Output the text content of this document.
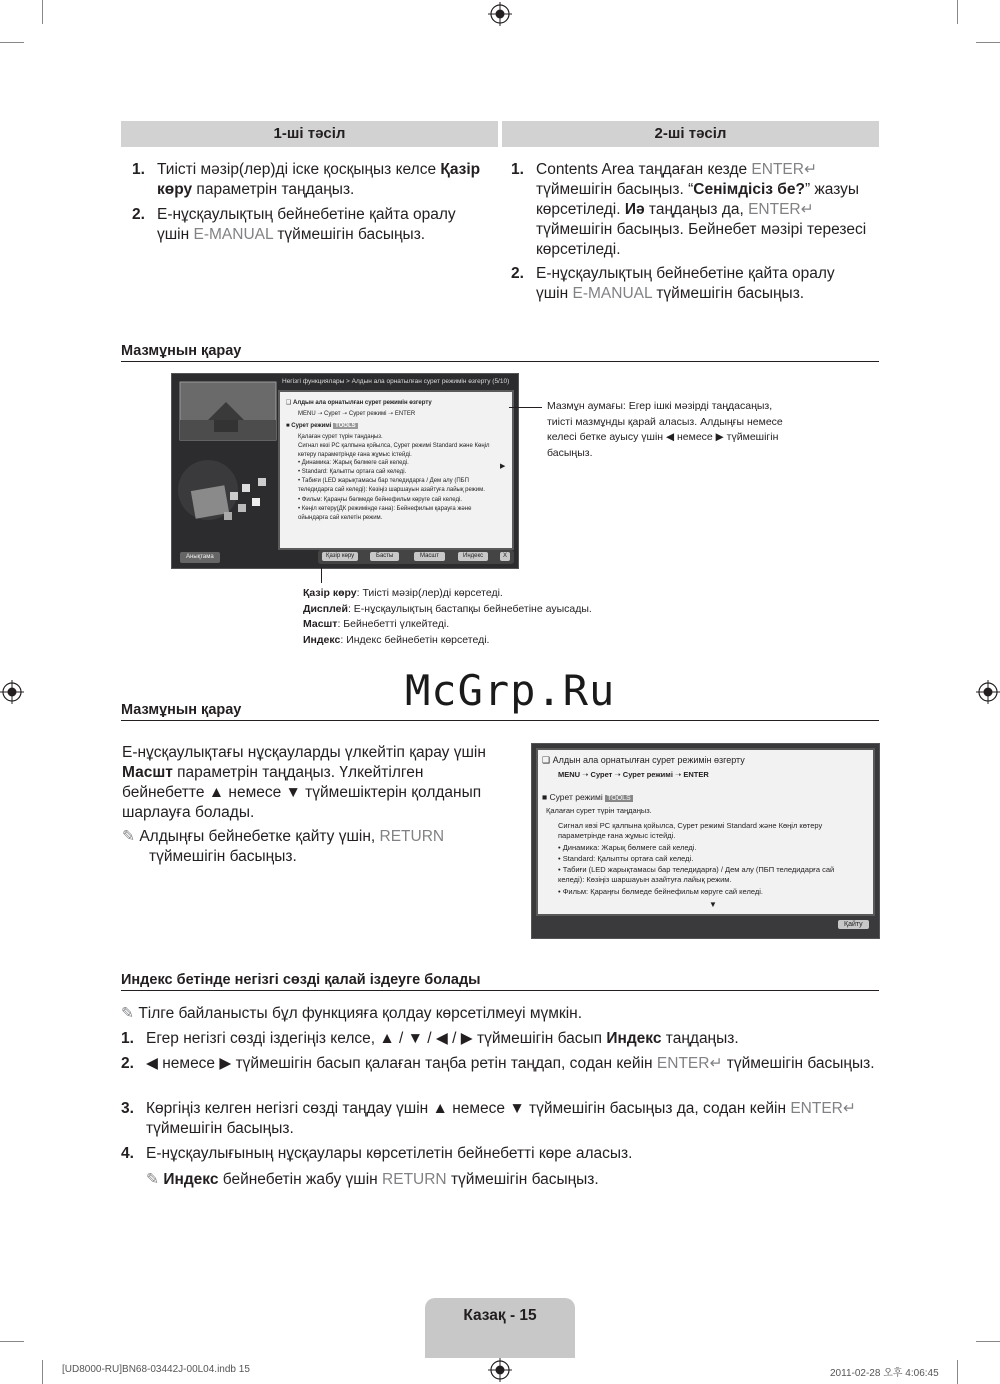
1-ші тәсіл	2-ші тәсіл
1. Тиісті мәзір(лер)ді іске қосқыңыз келсе Қазір көру параметрін таңдаңыз.
2. Е-нұсқаулықтың бейнебетіне қайта оралу үшін E-MANUAL түймешігін басыңыз.
1. Contents Area таңдаған кезде ENTER↵ түймешігін басыңыз. “Сенімдісіз бе?” жазуы көрсетіледі. Иә таңдаңыз да, ENTER↵ түймешігін басыңыз. Бейнебет мәзірі терезесі көрсетіледі.
2. Е-нұсқаулықтың бейнебетіне қайта оралу үшін E-MANUAL түймешігін басыңыз.
Мазмұнын қарау
Негізгі функциялары > Алдын ала орнатылған сурет режимін өзгерту (5/10)
❑ Алдын ала орнатылған сурет режимін өзгерту
MENU ➝ Сурет ➝ Сурет режимі ➝ ENTER
■ Сурет режимі TOOLS
Қалаған сурет түрін таңдаңыз.
Сигнал көзі PC қалпына қойылса, Сурет режимі Standard және Көңіл көтеру параметрінде ғана жұмыс істейді.
• Динамика: Жарық бөлмеге сай келеді.
• Standard: Қалыпты ортаға сай келеді.
• Табиғи (LED жарықтамасы бар теледидарға / Дем алу (ПБП теледидарға сай келеді): Көзіңіз шаршауын азайтуға лайық режим.
• Фильм: Қараңғы бөлмеде бейнефильм көруге сай келеді.
• Көңіл көтеру(ДК режимінде ғана): Бейнефильм қарауға және ойындарға сай келетін режим.
▶
Анықтама	Қазір көру	Басты	Масшт	Индекс	X
Мазмұн аумағы: Егер ішкі мәзірді таңдасаңыз, тиісті мазмұнды қарай аласыз. Алдыңғы немесе келесі бетке ауысу үшін ◀ немесе ▶ түймешігін басыңыз.
Қазір көру: Тиісті мәзір(лер)ді көрсетеді.
Дисплей: Е-нұсқаулықтың бастапқы бейнебетіне ауысады.
Масшт: Бейнебетті үлкейтеді.
Индекс: Индекс бейнебетін көрсетеді.
McGrp.Ru
Мазмұнын қарау
Е-нұсқаулықтағы нұсқауларды үлкейтіп қарау үшін Масшт параметрін таңдаңыз. Үлкейтілген бейнебетте ▲ немесе ▼ түймешіктерін қолданып шарлауға болады.
✎ Алдыңғы бейнебетке қайту үшін, RETURN
түймешігін басыңыз.
❑ Алдын ала орнатылған сурет режимін өзгерту
MENU ➝ Сурет ➝ Сурет режимі ➝ ENTER
■ Сурет режимі TOOLS
Қалаған сурет түрін таңдаңыз.
Сигнал көзі PC қалпына қойылса, Сурет режимі Standard және Көңіл көтеру параметрінде ғана жұмыс істейді.
• Динамика: Жарық бөлмеге сай келеді.
• Standard: Қалыпты ортаға сай келеді.
• Табиғи (LED жарықтамасы бар теледидарға) / Дем алу (ПБП теледидарға сай келеді): Көзіңіз шаршауын азайтуға лайық режим.
• Фильм: Қараңғы бөлмеде бейнефильм көруге сай келеді.
▼
Қайту
Индекс бетінде негізгі сөзді қалай іздеуге болады
✎ Тілге байланысты бұл функцияға қолдау көрсетілмеуі мүмкін.
1. Егер негізгі сөзді іздегіңіз келсе, ▲ / ▼ / ◀ / ▶ түймешігін басып Индекс таңдаңыз.
2. ◀ немесе ▶ түймешігін басып қалаған таңба ретін таңдап, содан кейін ENTER↵ түймешігін басыңыз.
3. Көргіңіз келген негізгі сөзді таңдау үшін ▲ немесе ▼ түймешігін басыңыз да, содан кейін ENTER↵ түймешігін басыңыз.
4. Е-нұсқаулығының нұсқаулары көрсетілетін бейнебетті көре аласыз.
✎ Индекс бейнебетін жабу үшін RETURN түймешігін басыңыз.
Казақ - 15
[UD8000-RU]BN68-03442J-00L04.indb 15	2011-02-28 오후 4:06:45
